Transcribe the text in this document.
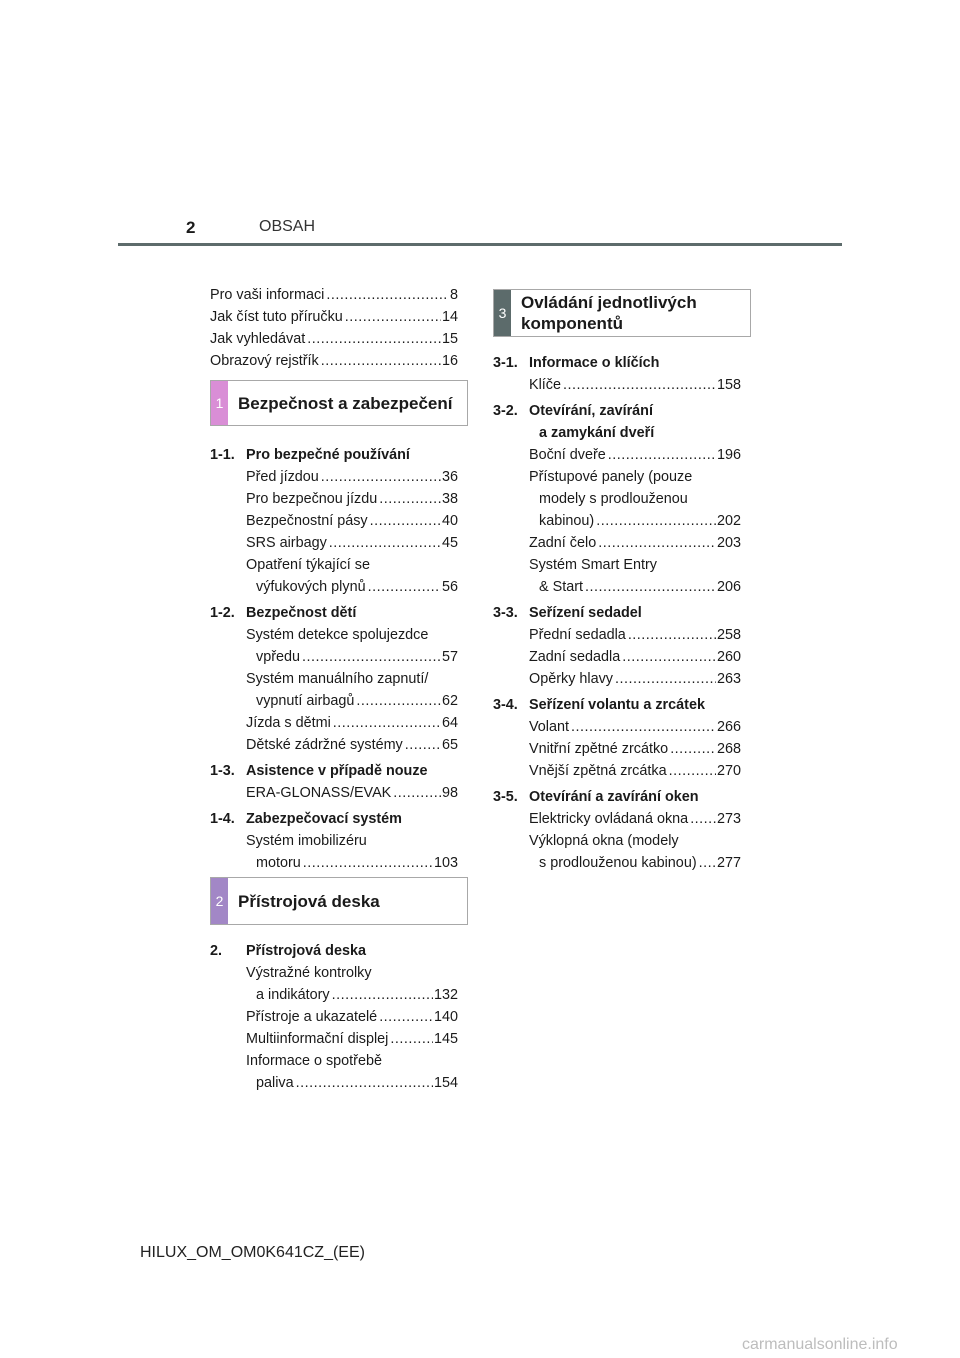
2	OBSAH
Pro vaši informaci .....	8
Jak číst tuto příručku .....	14
Jak vyhledávat .....	15
Obrazový rejstřík .....	16
1 Bezpečnost a zabezpečení
1-1. Pro bezpečné používání
Před jízdou .....	36
Pro bezpečnou jízdu .....	38
Bezpečnostní pásy .....	40
SRS airbagy .....	45
Opatření týkající se
výfukových plynů .....	56
1-2. Bezpečnost dětí
Systém detekce spolujezdce
vpředu .....	57
Systém manuálního zapnutí/
vypnutí airbagů .....	62
Jízda s dětmi .....	64
Dětské zádržné systémy .....	65
1-3. Asistence v případě nouze
ERA-GLONASS/EVAK .....	98
1-4. Zabezpečovací systém
Systém imobilizéru
motoru .....	103
.....
2 Přístrojová deska
2.	Přístrojová deska
Výstražné kontrolky
a indikátory .....	132
Přístroje a ukazatelé .....	140
Multiinformační displej .....	145
Informace o spotřebě
paliva .....	154
3
Ovládání jednotlivých komponentů
3-1. Informace o klíčích
Klíče .....	158
3-2. Otevírání, zavírání
a zamykání dveří
Boční dveře .....	196
Přístupové panely (pouze
modely s prodlouženou
kabinou) .....	202
Zadní čelo .....	203
Systém Smart Entry
& Start .....	206
3-3. Seřízení sedadel
Přední sedadla .....	258
Zadní sedadla .....	260
Opěrky hlavy .....	263
3-4. Seřízení volantu a zrcátek
Volant .....	266
Vnitřní zpětné zrcátko .....	268
Vnější zpětná zrcátka .....	270
3-5. Otevírání a zavírání oken
Elektricky ovládaná okna ..... 273
Výklopná okna (modely
s prodlouženou kabinou) ..... 277
HILUX_OM_OM0K641CZ_(EE)
carmanualsonline.info
